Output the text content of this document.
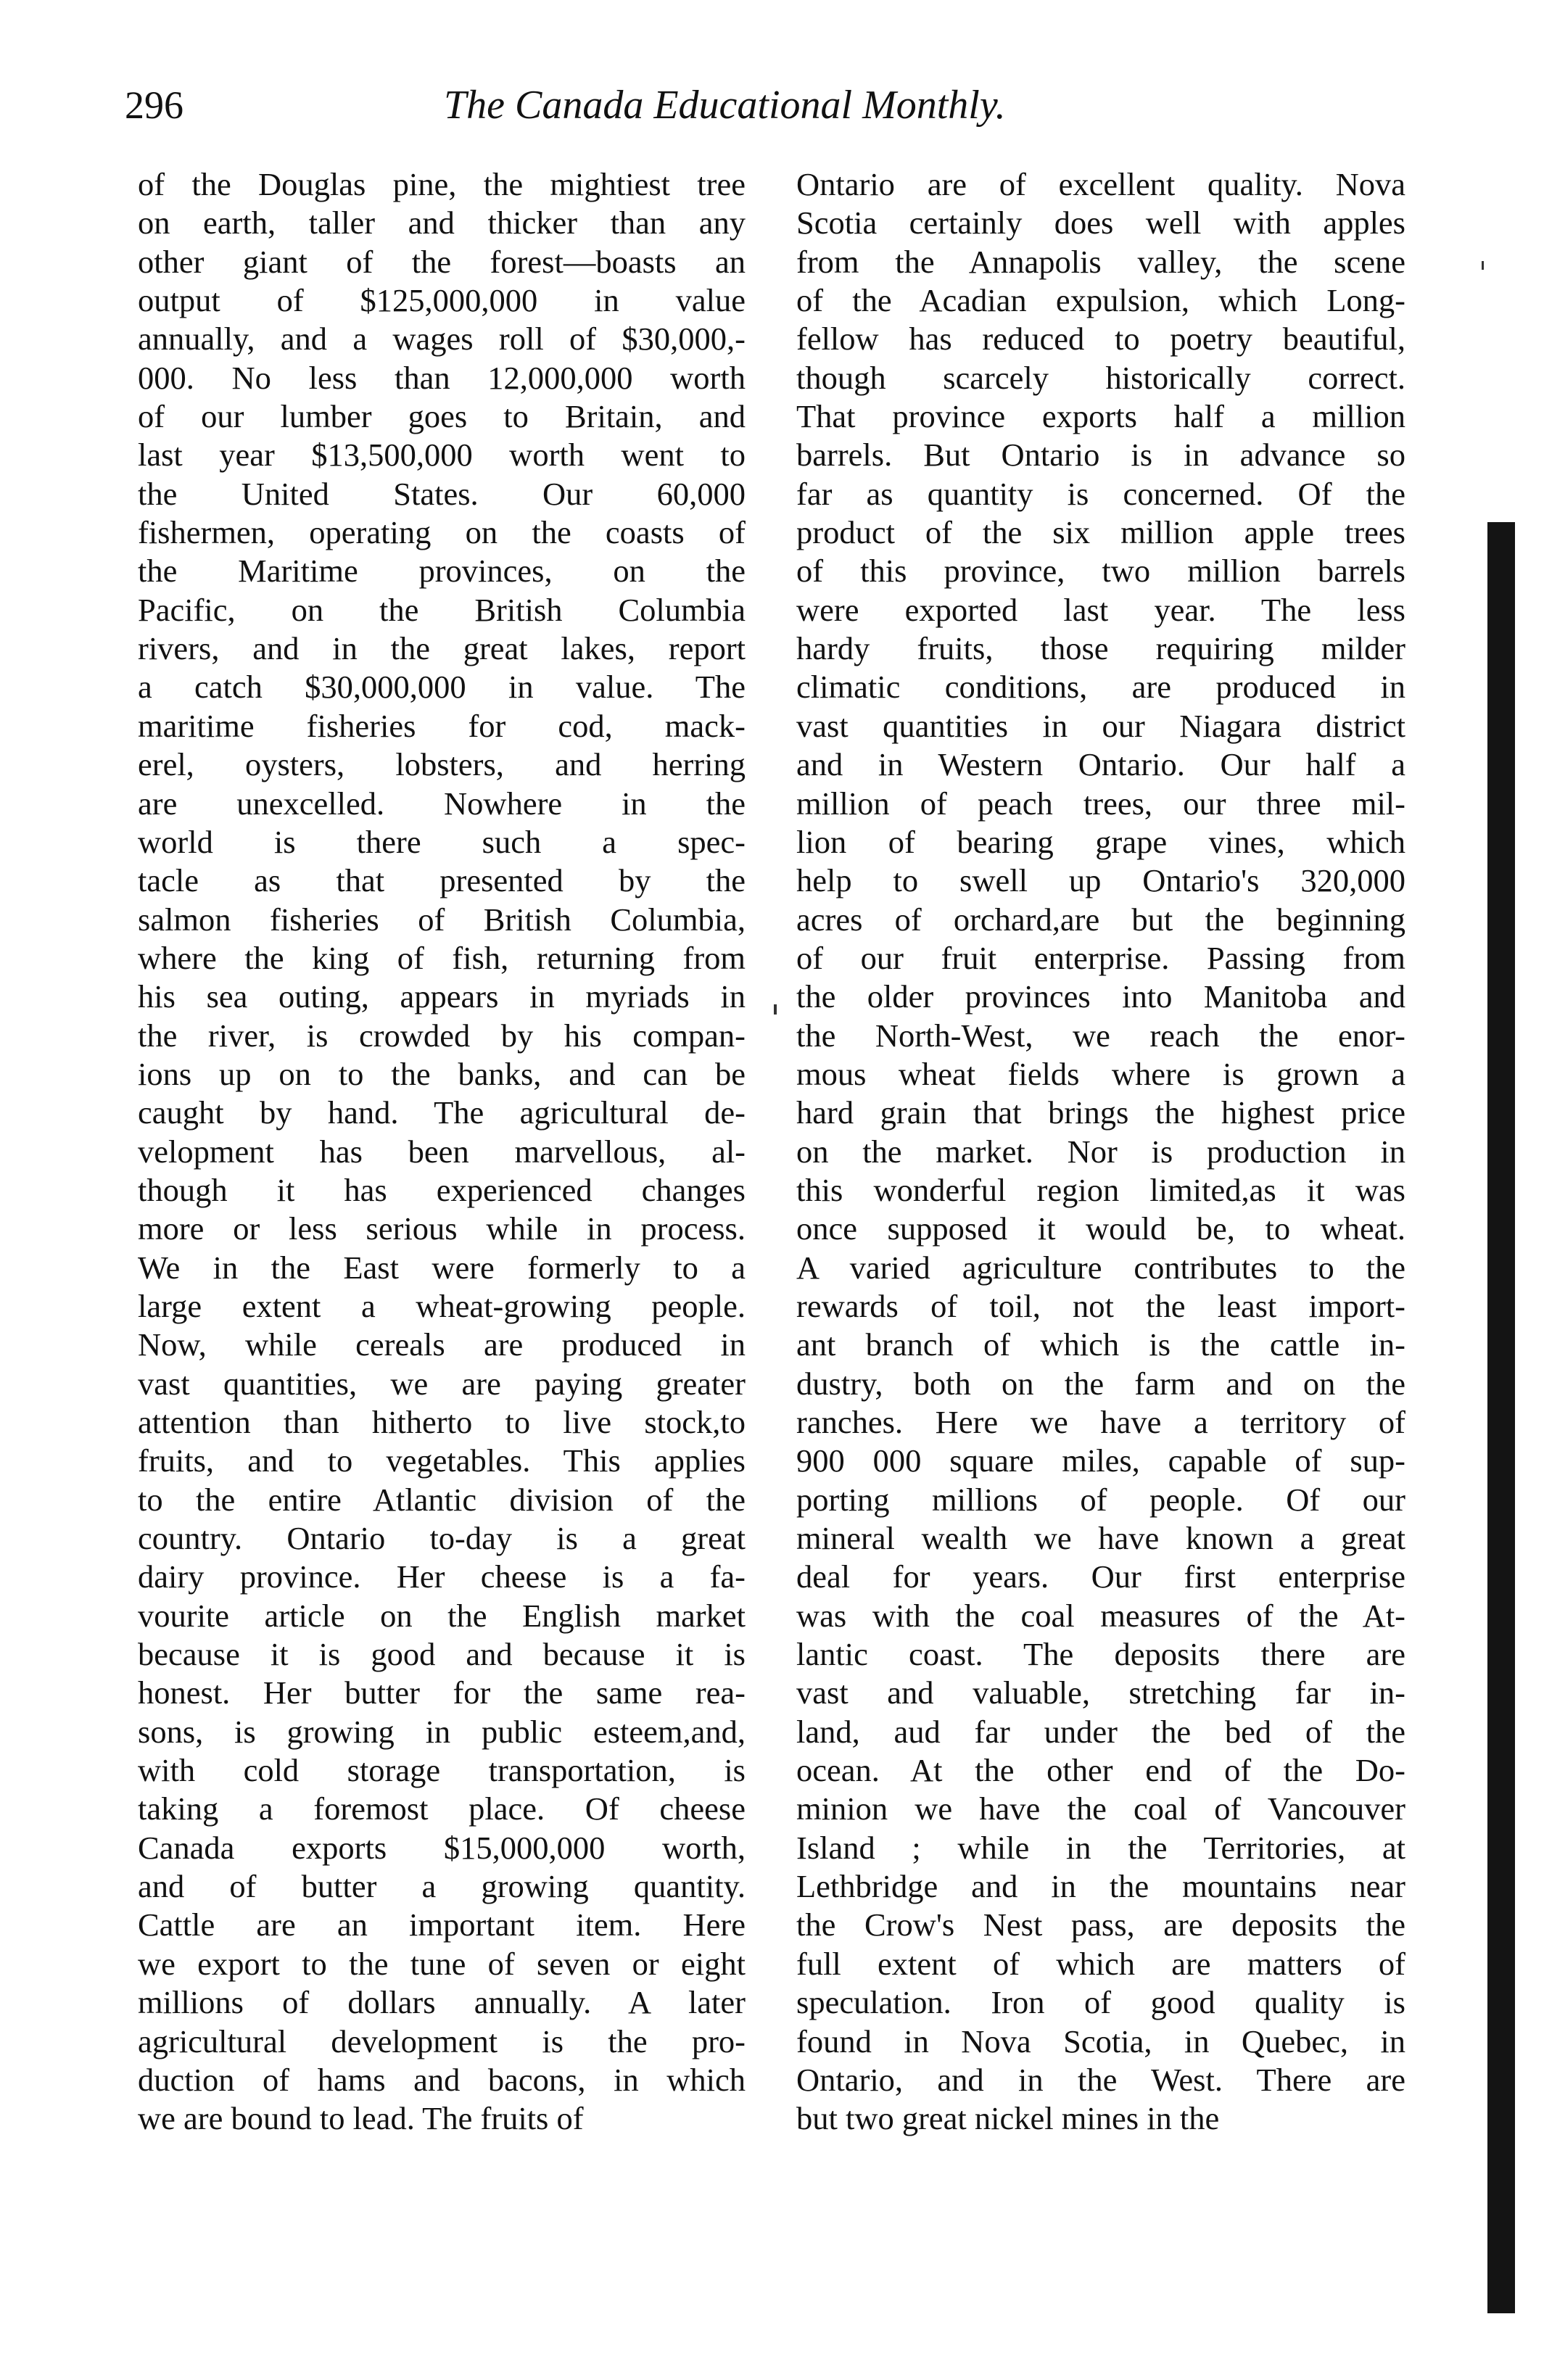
296	The Canada Educational Monthly.
of the Douglas pine, the mightiest tree
on earth, taller and thicker than any
other giant of the forest—boasts an
output of $125,000,000 in value
annually, and a wages roll of $30,000,-
000. No less than 12,000,000 worth
of our lumber goes to Britain, and
last year $13,500,000 worth went to
the United States. Our 60,000
fishermen, operating on the coasts of
the Maritime provinces, on the
Pacific, on the British Columbia
rivers, and in the great lakes, report
a catch $30,000,000 in value. The
maritime fisheries for cod, mack-
erel, oysters, lobsters, and herring
are unexcelled. Nowhere in the
world is there such a spec-
tacle as that presented by the
salmon fisheries of British Columbia,
where the king of fish, returning from
his sea outing, appears in myriads in
the river, is crowded by his compan-
ions up on to the banks, and can be
caught by hand. The agricultural de-
velopment has been marvellous, al-
though it has experienced changes
more or less serious while in process.
We in the East were formerly to a
large extent a wheat-growing people.
Now, while cereals are produced in
vast quantities, we are paying greater
attention than hitherto to live stock,to
fruits, and to vegetables. This applies
to the entire Atlantic division of the
country. Ontario to-day is a great
dairy province. Her cheese is a fa-
vourite article on the English market
because it is good and because it is
honest. Her butter for the same rea-
sons, is growing in public esteem,and,
with cold storage transportation, is
taking a foremost place. Of cheese
Canada exports $15,000,000 worth,
and of butter a growing quantity.
Cattle are an important item. Here
we export to the tune of seven or eight
millions of dollars annually. A later
agricultural development is the pro-
duction of hams and bacons, in which
we are bound to lead. The fruits of
Ontario are of excellent quality. Nova
Scotia certainly does well with apples
from the Annapolis valley, the scene
of the Acadian expulsion, which Long-
fellow has reduced to poetry beautiful,
though scarcely historically correct.
That province exports half a million
barrels. But Ontario is in advance so
far as quantity is concerned. Of the
product of the six million apple trees
of this province, two million barrels
were exported last year. The less
hardy fruits, those requiring milder
climatic conditions, are produced in
vast quantities in our Niagara district
and in Western Ontario. Our half a
million of peach trees, our three mil-
lion of bearing grape vines, which
help to swell up Ontario's 320,000
acres of orchard,are but the beginning
of our fruit enterprise. Passing from
the older provinces into Manitoba and
the North-West, we reach the enor-
mous wheat fields where is grown a
hard grain that brings the highest price
on the market. Nor is production in
this wonderful region limited,as it was
once supposed it would be, to wheat.
A varied agriculture contributes to the
rewards of toil, not the least import-
ant branch of which is the cattle in-
dustry, both on the farm and on the
ranches. Here we have a territory of
900 000 square miles, capable of sup-
porting millions of people. Of our
mineral wealth we have known a great
deal for years. Our first enterprise
was with the coal measures of the At-
lantic coast. The deposits there are
vast and valuable, stretching far in-
land, aud far under the bed of the
ocean. At the other end of the Do-
minion we have the coal of Vancouver
Island ; while in the Territories, at
Lethbridge and in the mountains near
the Crow's Nest pass, are deposits the
full extent of which are matters of
speculation. Iron of good quality is
found in Nova Scotia, in Quebec, in
Ontario, and in the West. There are
but two great nickel mines in the
